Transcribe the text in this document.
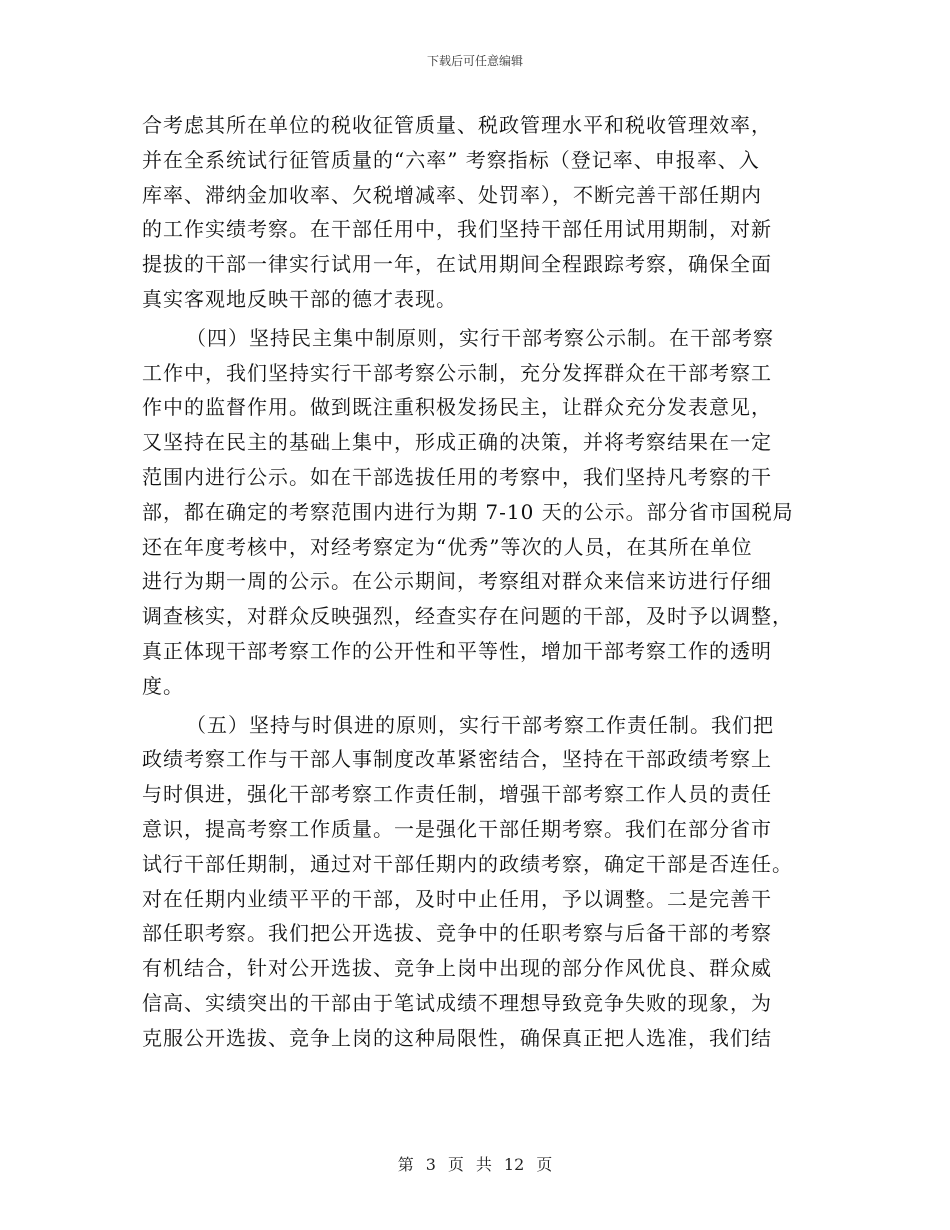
下载后可任意编辑
合考虑其所在单位的税收征管质量、税政管理水平和税收管理效率，
并在全系统试行征管质量的“六率” 考察指标（登记率、申报率、入
库率、滞纳金加收率、欠税增减率、处罚率），不断完善干部任期内
的工作实绩考察。在干部任用中，我们坚持干部任用试用期制，对新
提拔的干部一律实行试用一年，在试用期间全程跟踪考察，确保全面
真实客观地反映干部的德才表现。
（四）坚持民主集中制原则，实行干部考察公示制。在干部考察
工作中，我们坚持实行干部考察公示制，充分发挥群众在干部考察工
作中的监督作用。做到既注重积极发扬民主，让群众充分发表意见，
又坚持在民主的基础上集中，形成正确的决策，并将考察结果在一定
范围内进行公示。如在干部选拔任用的考察中，我们坚持凡考察的干
部，都在确定的考察范围内进行为期 7-10 天的公示。部分省市国税局
还在年度考核中，对经考察定为“优秀”等次的人员，在其所在单位
进行为期一周的公示。在公示期间，考察组对群众来信来访进行仔细
调查核实，对群众反映强烈，经查实存在问题的干部，及时予以调整，
真正体现干部考察工作的公开性和平等性，增加干部考察工作的透明
度。
（五）坚持与时俱进的原则，实行干部考察工作责任制。我们把
政绩考察工作与干部人事制度改革紧密结合，坚持在干部政绩考察上
与时俱进，强化干部考察工作责任制，增强干部考察工作人员的责任
意识，提高考察工作质量。一是强化干部任期考察。我们在部分省市
试行干部任期制，通过对干部任期内的政绩考察，确定干部是否连任。
对在任期内业绩平平的干部，及时中止任用，予以调整。二是完善干
部任职考察。我们把公开选拔、竞争中的任职考察与后备干部的考察
有机结合，针对公开选拔、竞争上岗中出现的部分作风优良、群众威
信高、实绩突出的干部由于笔试成绩不理想导致竞争失败的现象，为
克服公开选拔、竞争上岗的这种局限性，确保真正把人选准，我们结
第 3 页 共 12 页
